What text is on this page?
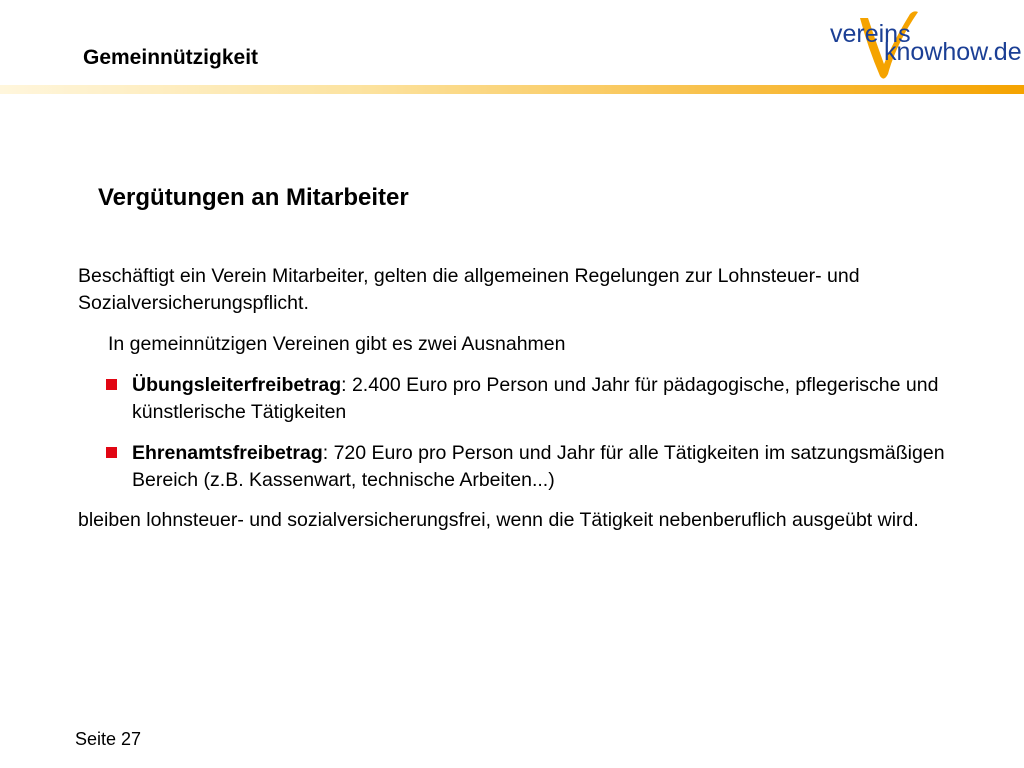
Gemeinnützigkeit
vereins
knowhow.de
Vergütungen an Mitarbeiter
Beschäftigt ein Verein Mitarbeiter, gelten die allgemeinen Regelungen zur Lohnsteuer- und Sozialversicherungspflicht.
In gemeinnützigen Vereinen gibt es zwei Ausnahmen
Übungsleiterfreibetrag: 2.400 Euro pro Person und Jahr für pädagogische, pflegerische und künstlerische Tätigkeiten
Ehrenamtsfreibetrag: 720 Euro pro Person und Jahr für alle Tätigkeiten im satzungsmäßigen Bereich (z.B. Kassenwart, technische Arbeiten...)
bleiben lohnsteuer- und sozialversicherungsfrei, wenn die Tätigkeit nebenberuflich ausgeübt wird.
Seite 27
